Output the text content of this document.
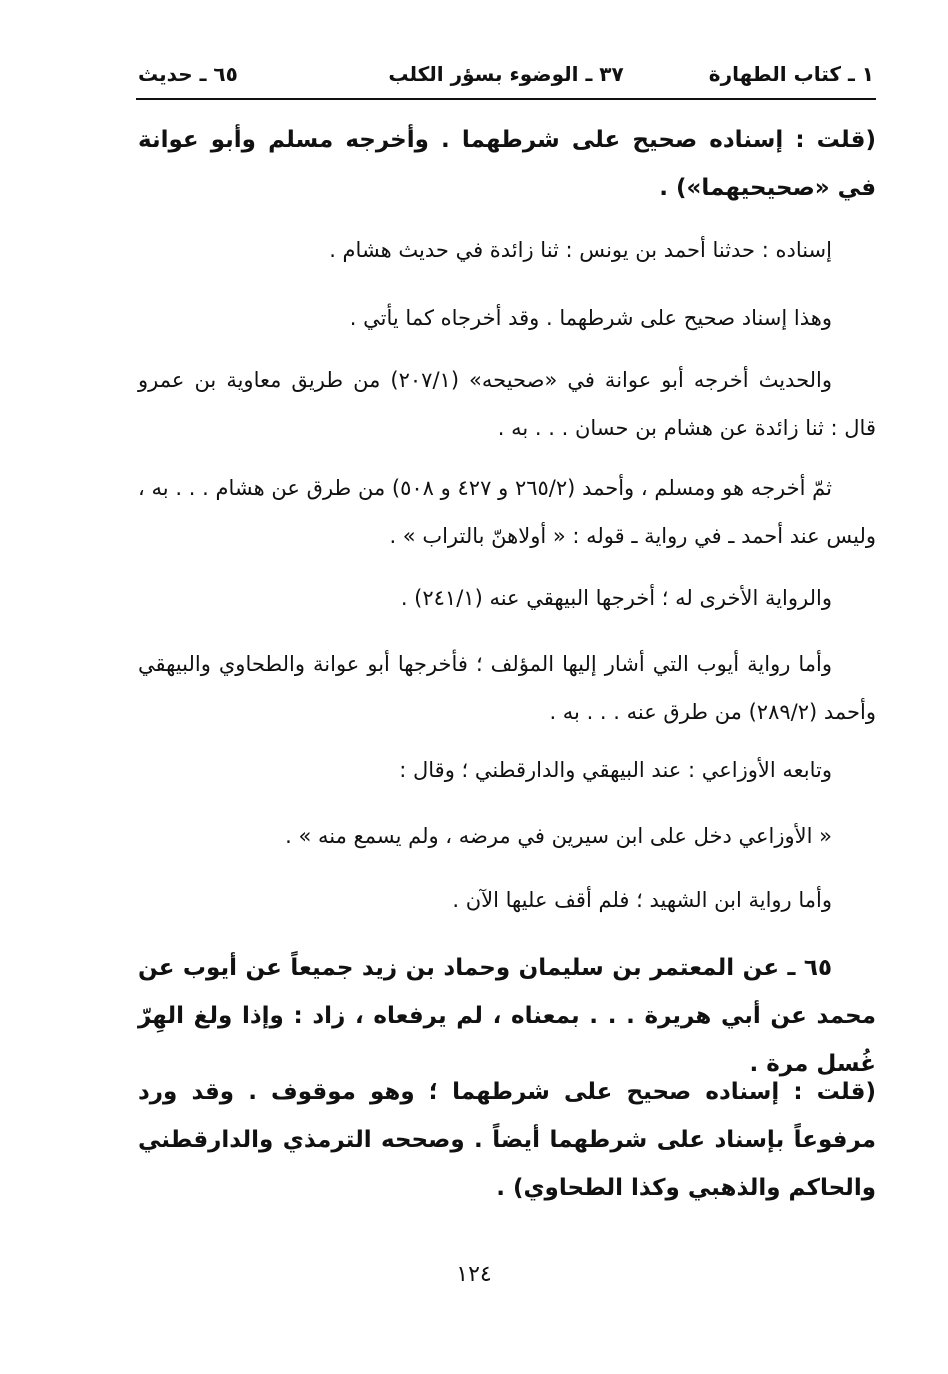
١ ـ كتاب الطهارة
٣٧ ـ الوضوء بسؤر الكلب
٦٥ ـ حديث

(قلت : إسناده صحيح على شرطهما . وأخرجه مسلم وأبو عوانة في «صحيحيهما») .

إسناده : حدثنا أحمد بن يونس : ثنا زائدة في حديث هشام .

وهذا إسناد صحيح على شرطهما . وقد أخرجاه كما يأتي .

والحديث أخرجه أبو عوانة في «صحيحه» (٢٠٧/١) من طريق معاوية بن عمرو قال : ثنا زائدة عن هشام بن حسان . . . به .

ثمّ أخرجه هو ومسلم ، وأحمد (٢٦٥/٢ و ٤٢٧ و ٥٠٨) من طرق عن هشام . . . به ، وليس عند أحمد ـ في رواية ـ قوله : « أولاهنّ بالتراب » .

والرواية الأخرى له ؛ أخرجها البيهقي عنه (٢٤١/١) .

وأما رواية أيوب التي أشار إليها المؤلف ؛ فأخرجها أبو عوانة والطحاوي والبيهقي وأحمد (٢٨٩/٢) من طرق عنه . . . به .

وتابعه الأوزاعي : عند البيهقي والدارقطني ؛ وقال :

« الأوزاعي دخل على ابن سيرين في مرضه ، ولم يسمع منه » .

وأما رواية ابن الشهيد ؛ فلم أقف عليها الآن .

٦٥ ـ عن المعتمر بن سليمان وحماد بن زيد جميعاً عن أيوب عن محمد عن أبي هريرة . . . بمعناه ، لم يرفعاه ، زاد : وإذا ولغ الهِرّ غُسل مرة .

(قلت : إسناده صحيح على شرطهما ؛ وهو موقوف . وقد ورد مرفوعاً بإسناد على شرطهما أيضاً . وصححه الترمذي والدارقطني والحاكم والذهبي وكذا الطحاوي) .

١٢٤
